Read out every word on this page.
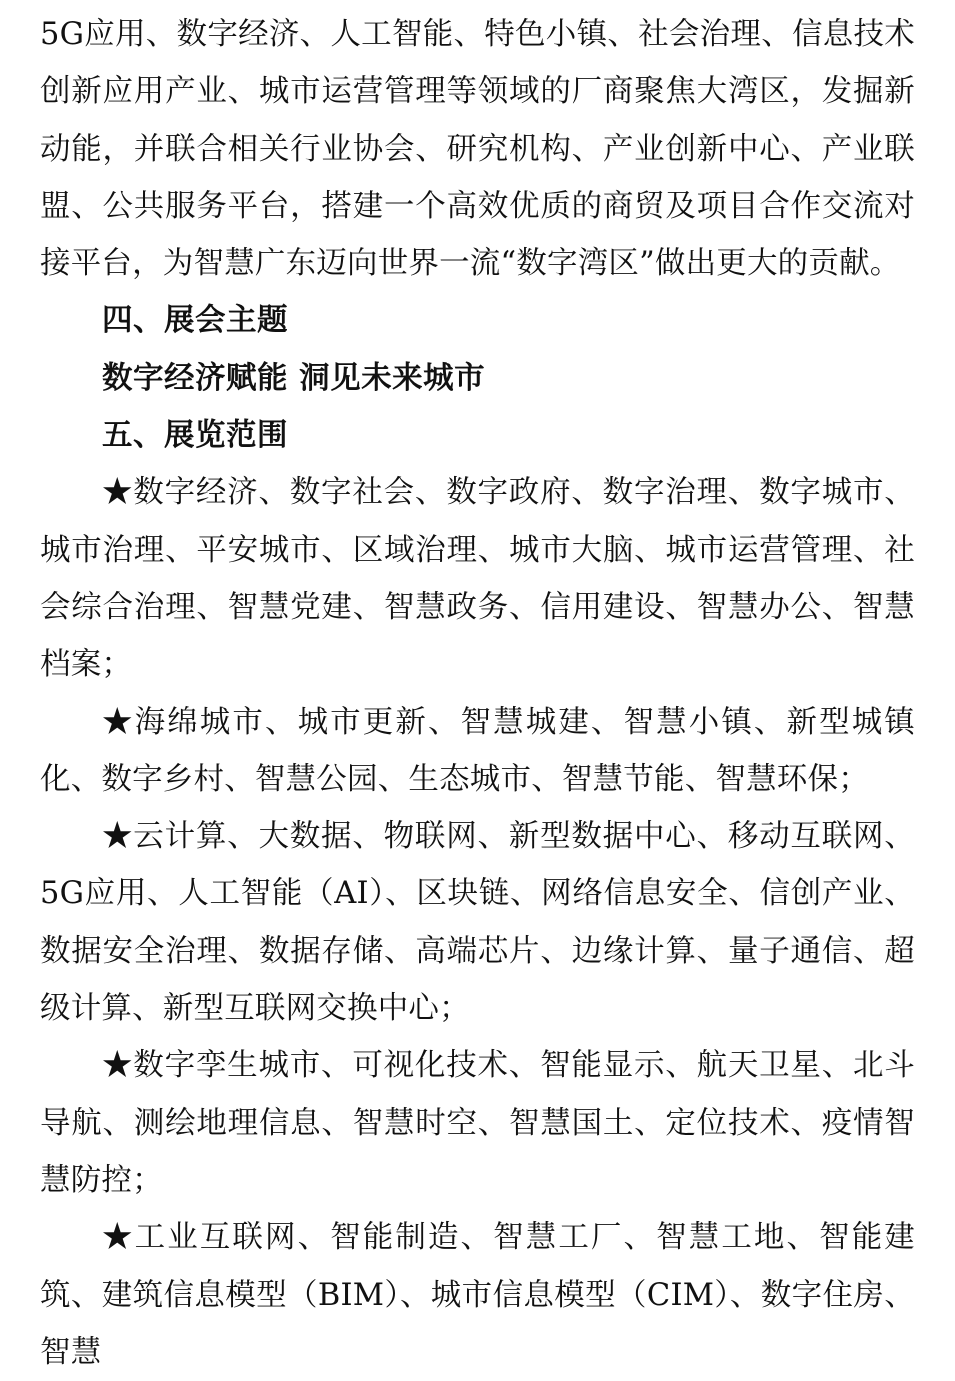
5G应用、数字经济、人工智能、特色小镇、社会治理、信息技术创新应用产业、城市运营管理等领域的厂商聚焦大湾区，发掘新动能，并联合相关行业协会、研究机构、产业创新中心、产业联盟、公共服务平台，搭建一个高效优质的商贸及项目合作交流对接平台，为智慧广东迈向世界一流“数字湾区”做出更大的贡献。

四、展会主题

数字经济赋能 洞见未来城市

五、展览范围

★数字经济、数字社会、数字政府、数字治理、数字城市、城市治理、平安城市、区域治理、城市大脑、城市运营管理、社会综合治理、智慧党建、智慧政务、信用建设、智慧办公、智慧档案；

★海绵城市、城市更新、智慧城建、智慧小镇、新型城镇化、数字乡村、智慧公园、生态城市、智慧节能、智慧环保；

★云计算、大数据、物联网、新型数据中心、移动互联网、5G应用、人工智能（AI）、区块链、网络信息安全、信创产业、数据安全治理、数据存储、高端芯片、边缘计算、量子通信、超级计算、新型互联网交换中心；

★数字孪生城市、可视化技术、智能显示、航天卫星、北斗导航、测绘地理信息、智慧时空、智慧国土、定位技术、疫情智慧防控；

★工业互联网、智能制造、智慧工厂、智慧工地、智能建筑、建筑信息模型（BIM）、城市信息模型（CIM）、数字住房、智慧
